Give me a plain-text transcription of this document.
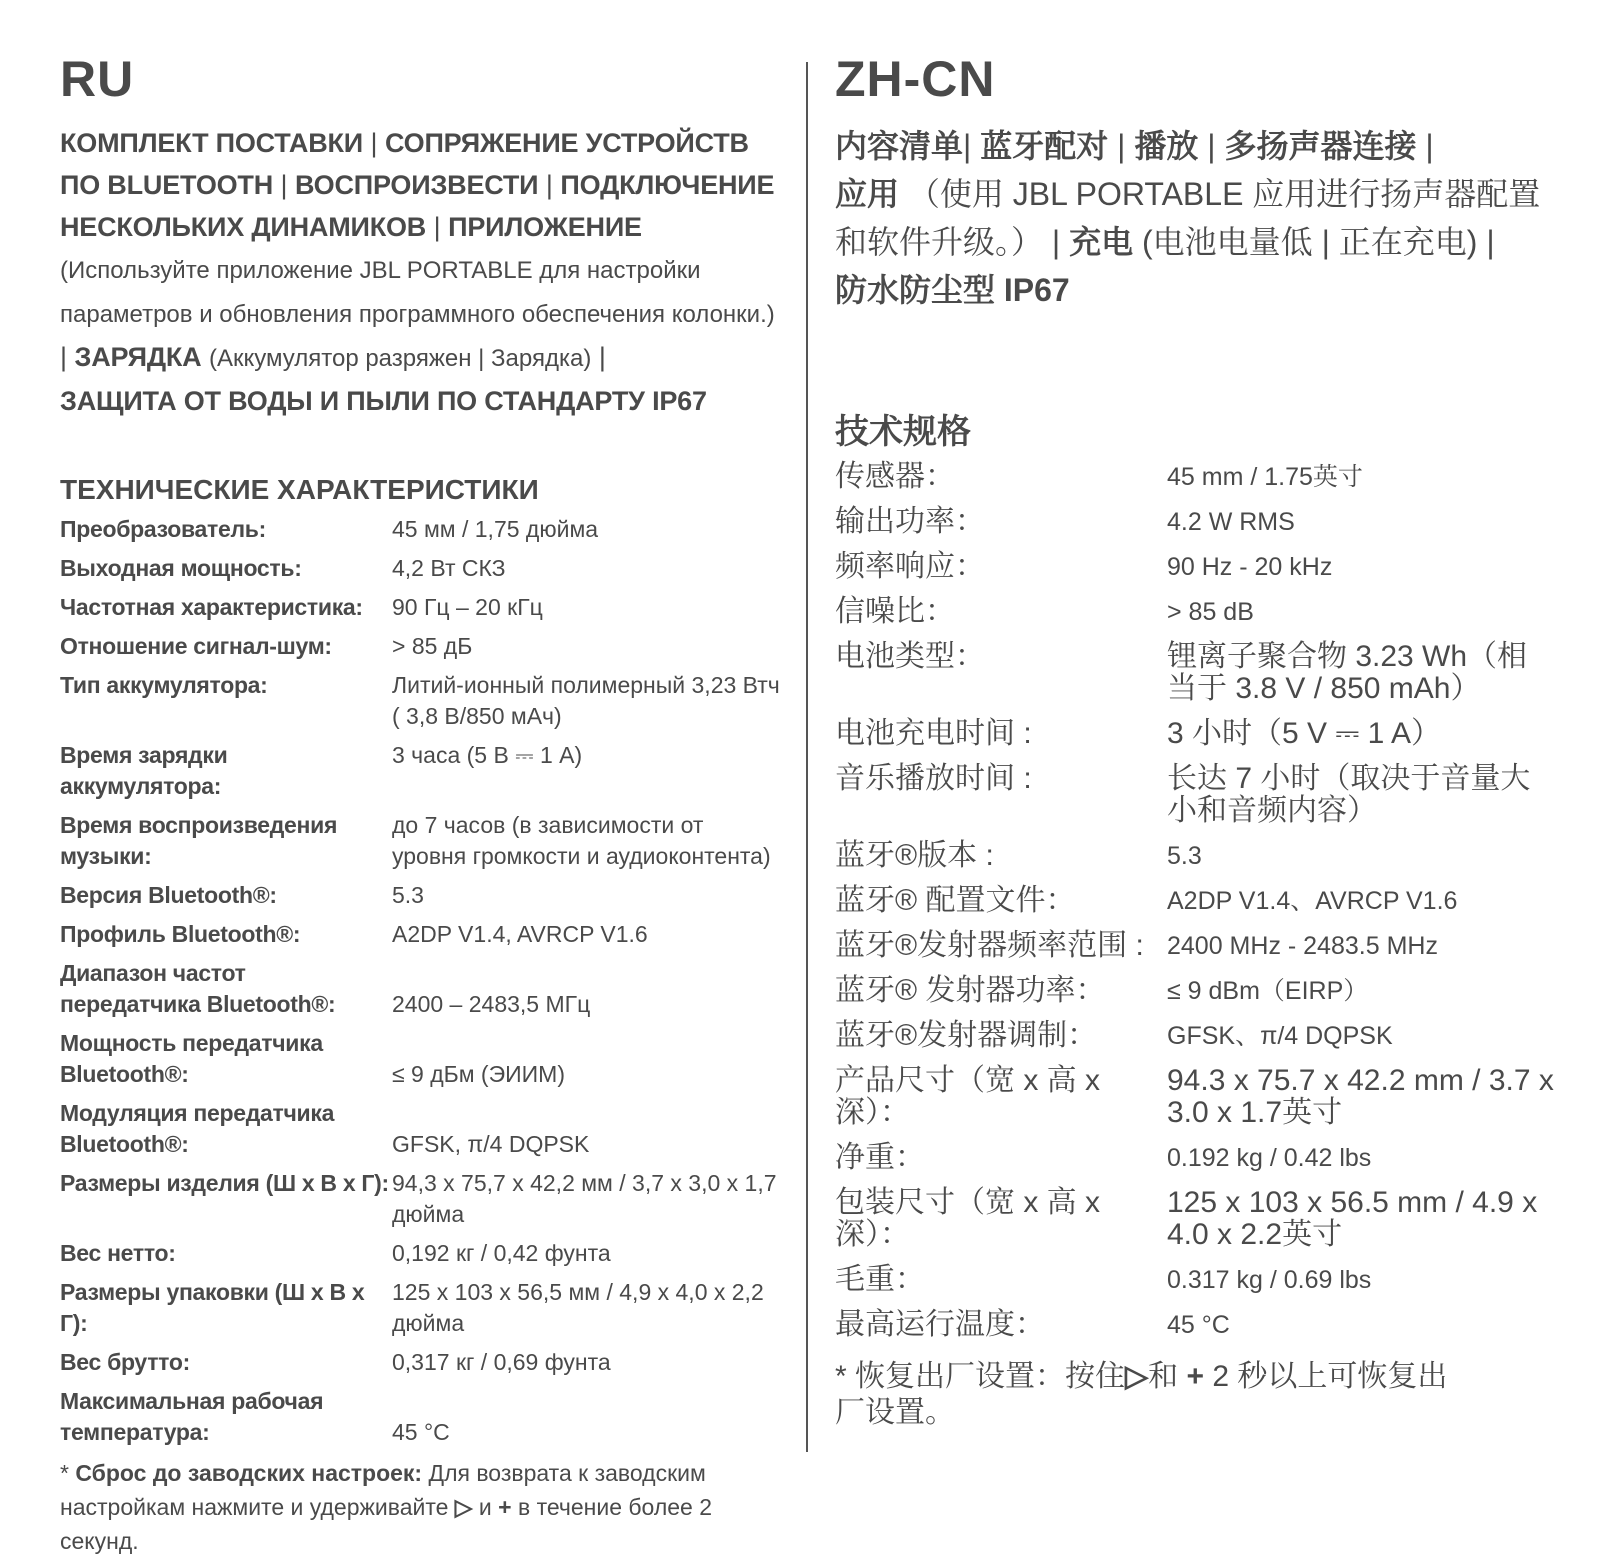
RU
КОМПЛЕКТ ПОСТАВКИ | СОПРЯЖЕНИЕ УСТРОЙСТВ ПО BLUETOOTH | ВОСПРОИЗВЕСТИ | ПОДКЛЮЧЕНИЕ НЕСКОЛЬКИХ ДИНАМИКОВ | ПРИЛОЖЕНИЕ (Используйте приложение JBL PORTABLE для настройки параметров и обновления программного обеспечения колонки.) | ЗАРЯДКА (Аккумулятор разряжен | Зарядка) |
ЗАЩИТА ОТ ВОДЫ И ПЫЛИ ПО СТАНДАРТУ IP67
ТЕХНИЧЕСКИЕ ХАРАКТЕРИСТИКИ
Преобразователь:	45 мм / 1,75 дюйма
Выходная мощность:	4,2 Вт СКЗ
Частотная характеристика:	90 Гц – 20 кГц
Отношение сигнал-шум:	> 85 дБ
Тип аккумулятора:	Литий-ионный полимерный 3,23 Втч ( 3,8 В/850 мАч)
Время зарядки аккумулятора:
3 часа (5 В ⎓ 1 А)
Время воспроизведения музыки:
до 7 часов (в зависимости от уровня громкости и аудиоконтента)
Версия Bluetooth®:	5.3
Профиль Bluetooth®:	A2DP V1.4, AVRCP V1.6
Диапазон частот передатчика Bluetooth®:	2400 – 2483,5 МГц
Мощность передатчика Bluetooth®:	≤ 9 дБм (ЭИИМ)
Модуляция передатчика Bluetooth®:	GFSK, π/4 DQPSK
Размеры изделия (Ш x В x Г): 94,3 x 75,7 x 42,2 мм / 3,7 x 3,0 x 1,7 дюйма
Вес нетто:	0,192 кг / 0,42 фунта
Размеры упаковки (Ш x В x Г):
125 x 103 x 56,5 мм / 4,9 x 4,0 x 2,2 дюйма
Вес брутто:	0,317 кг / 0,69 фунта
Максимальная рабочая температура:	45 °C
* Сброс до заводских настроек: Для возврата к заводским настройкам нажмите и удерживайте ▷ и + в течение более 2 секунд.
ZH-CN
内容清单| 蓝牙配对 | 播放 | 多扬声器连接 |
应用 （使用 JBL PORTABLE 应用进行扬声器配置和软件升级。） | 充电 (电池电量低 | 正在充电) |
防水防尘型 IP67
技术规格
传感器：	45 mm / 1.75英寸
输出功率：	4.2 W RMS
频率响应：	90 Hz - 20 kHz
信噪比：	> 85 dB
电池类型：	锂离子聚合物 3.23 Wh（相当于 3.8 V / 850 mAh）
电池充电时间 :	3 小时（5 V ⎓ 1 A）
音乐播放时间 :	长达 7 小时（取决于音量大小和音频内容）
蓝牙®版本 :	5.3
蓝牙® 配置文件：	A2DP V1.4、AVRCP V1.6
蓝牙®发射器频率范围 : 2400 MHz - 2483.5 MHz
蓝牙® 发射器功率：	≤ 9 dBm（EIRP）
蓝牙®发射器调制：	GFSK、π/4 DQPSK
产品尺寸（宽 x 高 x 深）：
94.3 x 75.7 x 42.2 mm / 3.7 x 3.0 x 1.7英寸
净重：	0.192 kg / 0.42 lbs
包装尺寸（宽 x 高 x 深）：
125 x 103 x 56.5 mm / 4.9 x 4.0 x 2.2英寸
毛重：	0.317 kg / 0.69 lbs
最高运行温度：	45 °C
* 恢复出厂设置：按住▷和 + 2 秒以上可恢复出厂设置。
